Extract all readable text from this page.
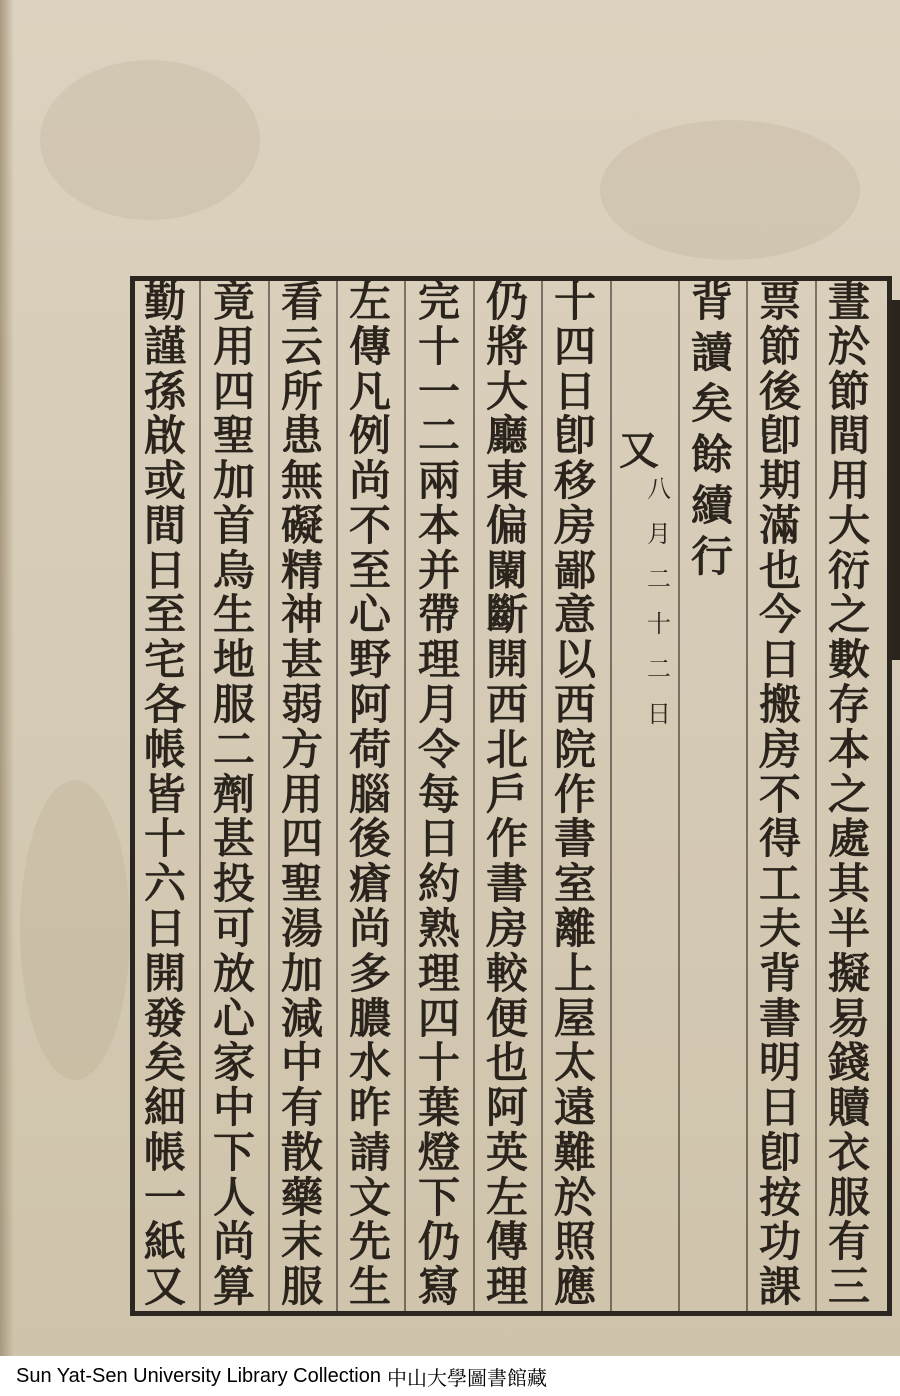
晝
於
節
間
用
大
衍
之
數
存
本
之
處
其
半
擬
易
錢
贖
衣
服
有
三
票
節
後
卽
期
滿
也
今
日
搬
房
不
得
工
夫
背
書
明
日
卽
按
功
課
背
讀
矣
餘
續
行
又
八
月
二
十
二
日
十
四
日
卽
移
房
鄙
意
以
西
院
作
書
室
離
上
屋
太
遠
難
於
照
應
仍
將
大
廳
東
偏
闌
斷
開
西
北
戶
作
書
房
較
便
也
阿
英
左
傳
理
完
十
一
二
兩
本
并
帶
理
月
令
每
日
約
熟
理
四
十
葉
燈
下
仍
寫
左
傳
凡
例
尚
不
至
心
野
阿
荷
腦
後
瘡
尚
多
膿
水
昨
請
文
先
生
看
云
所
患
無
礙
精
神
甚
弱
方
用
四
聖
湯
加
減
中
有
散
藥
末
服
竟
用
四
聖
加
首
烏
生
地
服
二
劑
甚
投
可
放
心
家
中
下
人
尚
算
勤
謹
孫
啟
或
間
日
至
宅
各
帳
皆
十
六
日
開
發
矣
細
帳
一
紙
又
Sun Yat-Sen University Library Collection 中山大學圖書館藏
